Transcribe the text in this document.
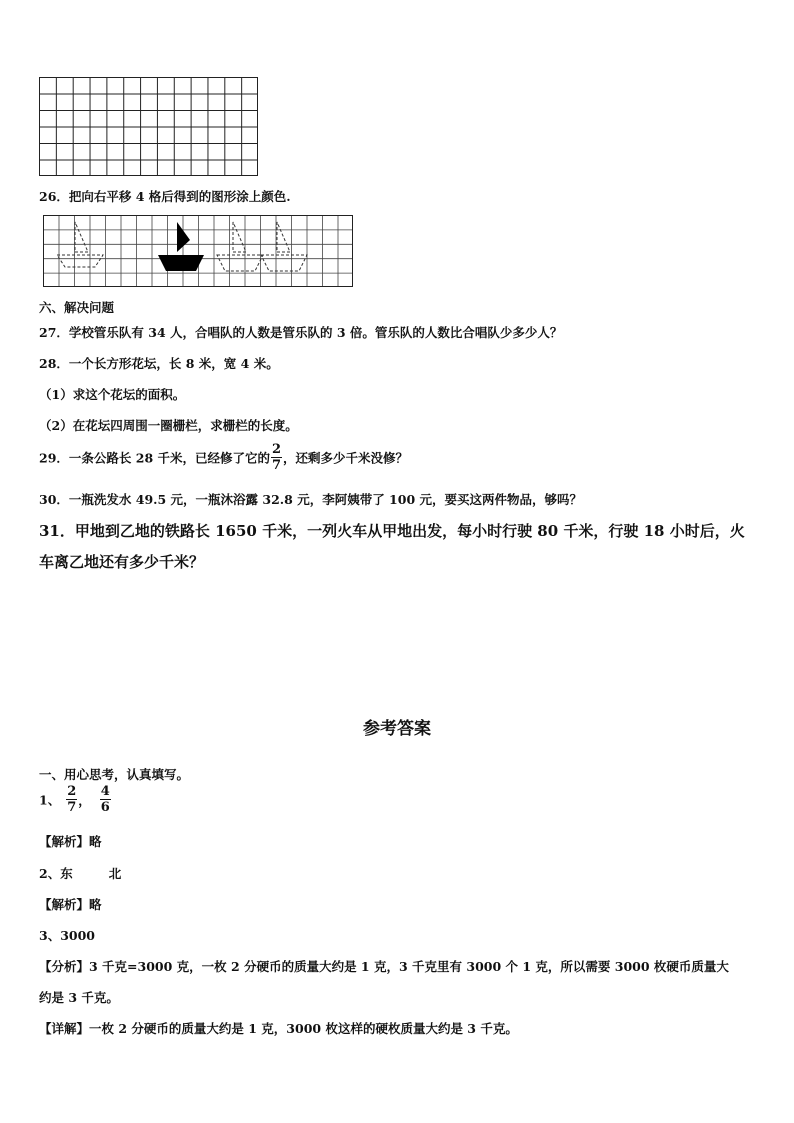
26．把向右平移 4 格后得到的图形涂上颜色.
六、解决问题
27．学校管乐队有 34 人，合唱队的人数是管乐队的 3 倍。管乐队的人数比合唱队少多少人？
28．一个长方形花坛，长 8 米，宽 4 米。
（1）求这个花坛的面积。
（2）在花坛四周围一圈栅栏，求栅栏的长度。
29．一条公路长 28 千米，已经修了它的 $\frac{2}{7}$ ，还剩多少千米没修？
30．一瓶洗发水 49.5 元，一瓶沐浴露 32.8 元，李阿姨带了 100 元，要买这两件物品，够吗？
31．甲地到乙地的铁路长 1650 千米，一列火车从甲地出发，每小时行驶 80 千米，行驶 18 小时后，火
车离乙地还有多少千米？
参考答案
一、用心思考，认真填写。
1、 $\frac{2}{7}$ ， $\frac{4}{6}$
【解析】略
2、东	北
【解析】略
3、3000
【分析】3 千克=3000 克，一枚 2 分硬币的质量大约是 1 克，3 千克里有 3000 个 1 克，所以需要 3000 枚硬币质量大
约是 3 千克。
【详解】一枚 2 分硬币的质量大约是 1 克，3000 枚这样的硬枚质量大约是 3 千克。
